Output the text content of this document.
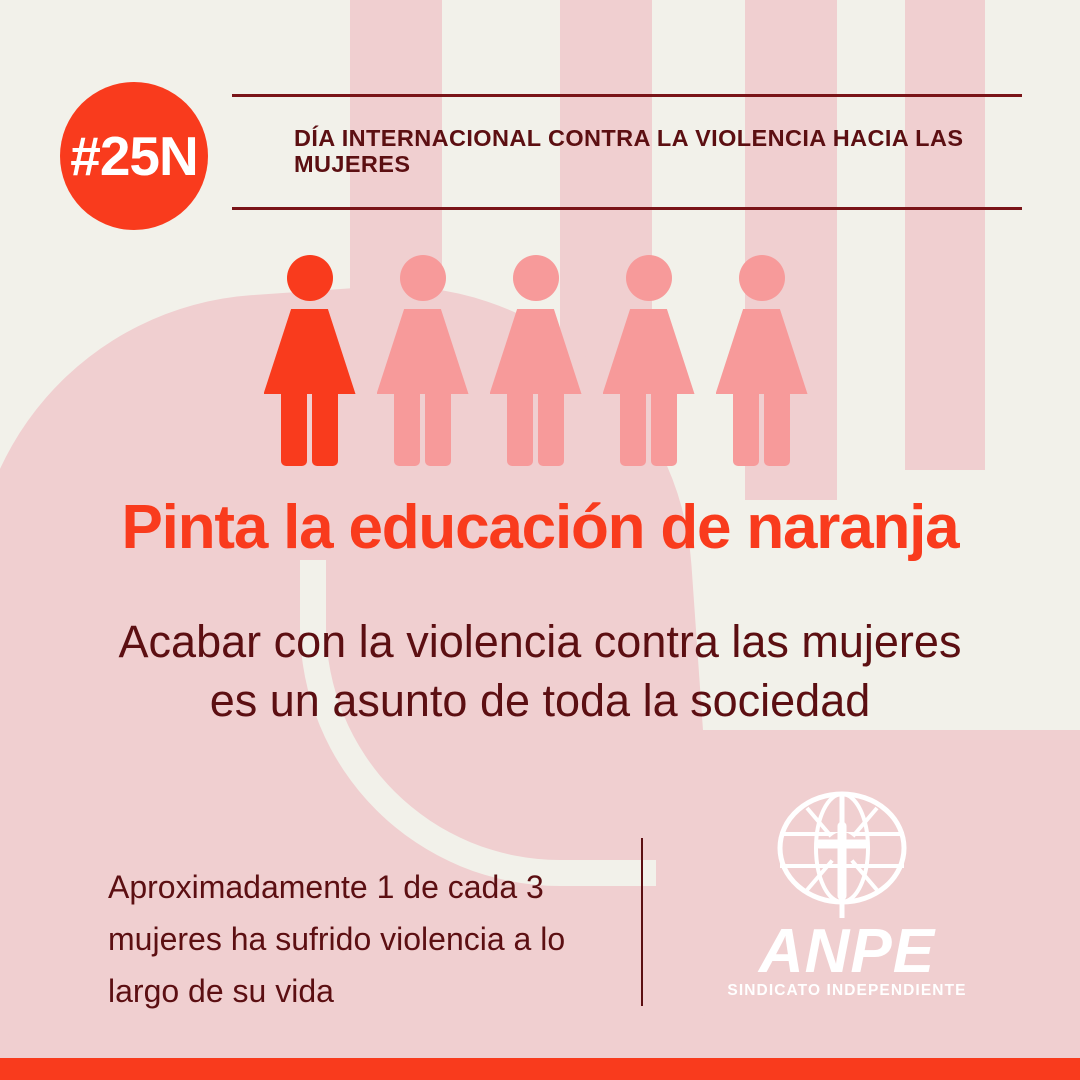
DÍA INTERNACIONAL CONTRA LA VIOLENCIA HACIA LAS MUJERES
#25N
Pinta la educación de naranja
Acabar con la violencia contra las mujeres es un asunto de toda la sociedad
Aproximadamente 1 de cada 3 mujeres ha sufrido violencia a lo largo de su vida
ANPE
SINDICATO INDEPENDIENTE
